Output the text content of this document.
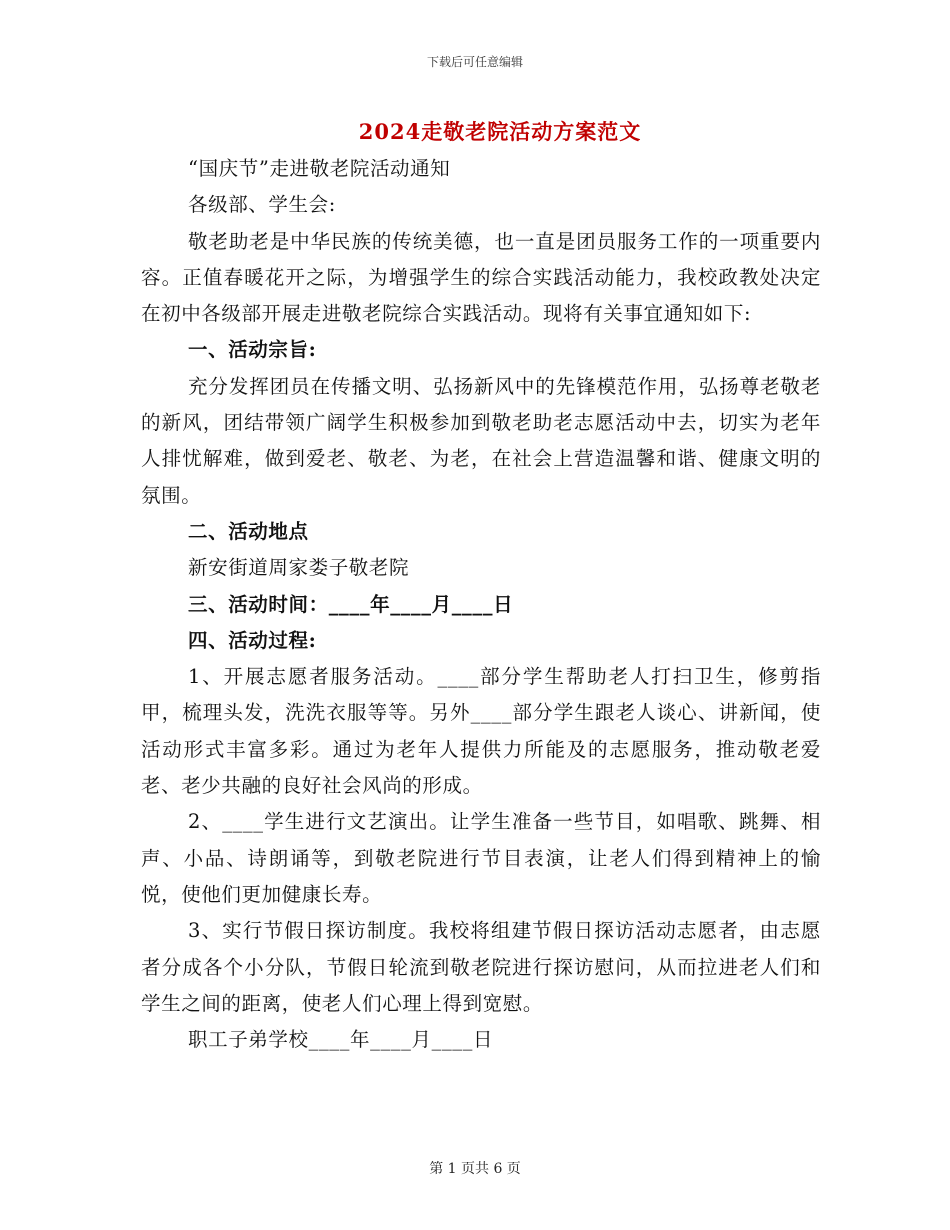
下载后可任意编辑
2024走敬老院活动方案范文

“国庆节”走进敬老院活动通知

各级部、学生会:

敬老助老是中华民族的传统美德，也一直是团员服务工作的一项重要内容。正值春暖花开之际，为增强学生的综合实践活动能力，我校政教处决定在初中各级部开展走进敬老院综合实践活动。现将有关事宜通知如下:

一、活动宗旨:

充分发挥团员在传播文明、弘扬新风中的先锋模范作用，弘扬尊老敬老的新风，团结带领广阔学生积极参加到敬老助老志愿活动中去，切实为老年人排忧解难，做到爱老、敬老、为老，在社会上营造温馨和谐、健康文明的氛围。

二、活动地点

新安街道周家娄子敬老院

三、活动时间：____年____月____日

四、活动过程:

1、开展志愿者服务活动。____部分学生帮助老人打扫卫生，修剪指甲，梳理头发，洗洗衣服等等。另外____部分学生跟老人谈心、讲新闻，使活动形式丰富多彩。通过为老年人提供力所能及的志愿服务，推动敬老爱老、老少共融的良好社会风尚的形成。

2、____学生进行文艺演出。让学生准备一些节目，如唱歌、跳舞、相声、小品、诗朗诵等，到敬老院进行节目表演，让老人们得到精神上的愉悦，使他们更加健康长寿。

3、实行节假日探访制度。我校将组建节假日探访活动志愿者，由志愿者分成各个小分队，节假日轮流到敬老院进行探访慰问，从而拉进老人们和学生之间的距离，使老人们心理上得到宽慰。

职工子弟学校____年____月____日

第 1 页共 6 页
